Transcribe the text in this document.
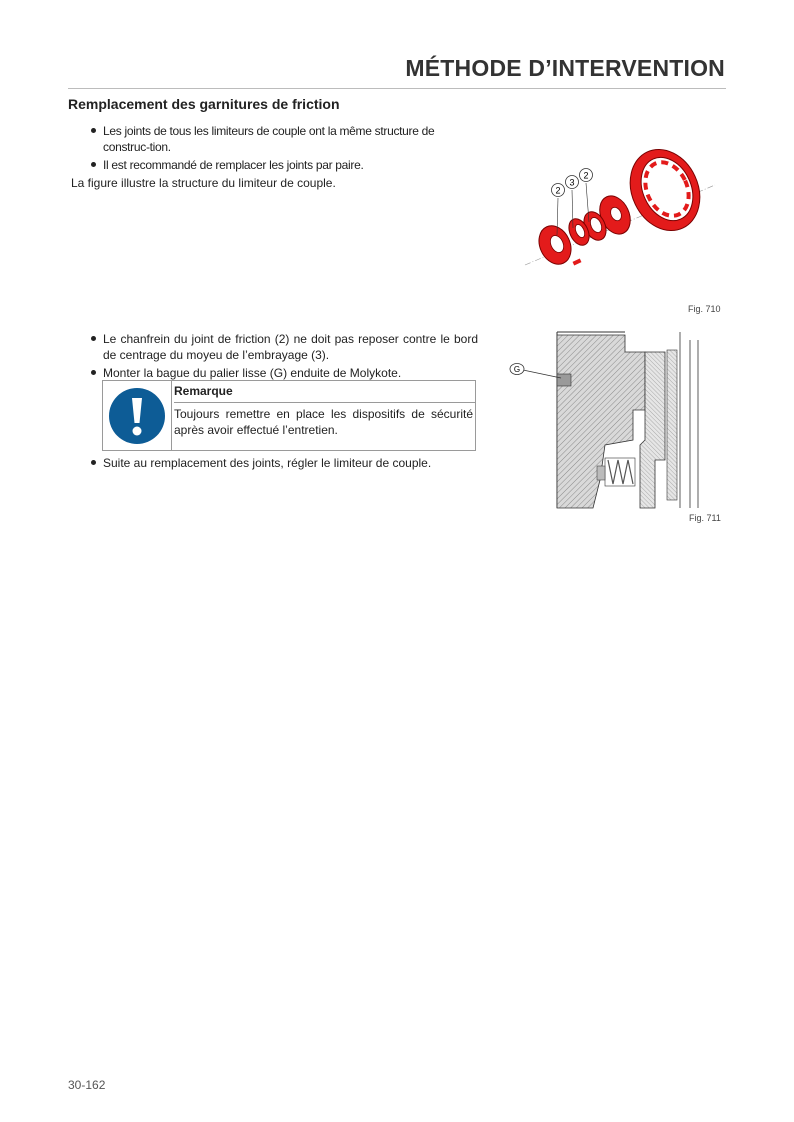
MÉTHODE D’INTERVENTION
Remplacement des garnitures de friction
Les joints de tous les limiteurs de couple ont la même structure de construc-tion.
Il est recommandé de remplacer les joints par paire.
La figure illustre la structure du limiteur de couple.
Le chanfrein du joint de friction (2) ne doit pas reposer contre le bord de centrage du moyeu de l’embrayage (3).
Monter la bague du palier lisse (G) enduite de Molykote.
Remarque
Toujours remettre en place les dispositifs de sécurité après avoir effectué l’entretien.
Suite au remplacement des joints, régler le limiteur de couple.
2
3
2
Fig. 710
G
Fig. 711
30-162
